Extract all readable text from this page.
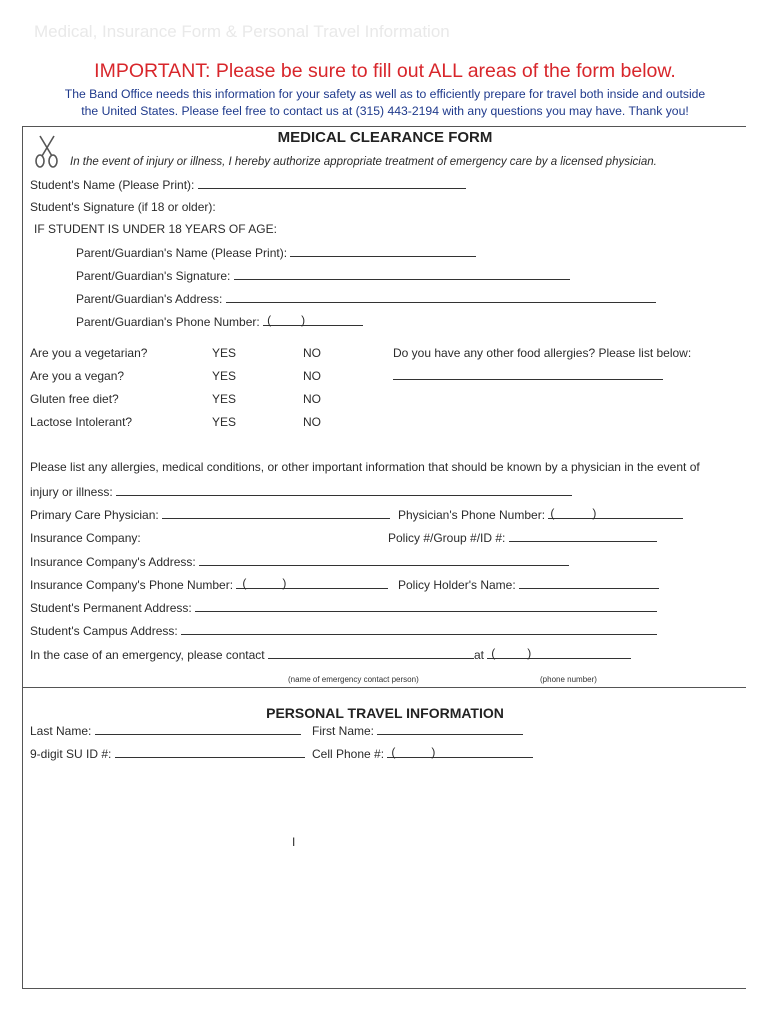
Medical, Insurance Form & Personal Travel Information
IMPORTANT: Please be sure to fill out ALL areas of the form below.
The Band Office needs this information for your safety as well as to efficiently prepare for travel both inside and outside
the United States. Please feel free to contact us at (315) 443-2194 with any questions you may have. Thank you!
MEDICAL CLEARANCE FORM
In the event of injury or illness, I hereby authorize appropriate treatment of emergency care by a licensed physician.
Student's Name (Please Print):
Student's Signature (if 18 or older):
IF STUDENT IS UNDER 18 YEARS OF AGE:
Parent/Guardian's Name (Please Print):
Parent/Guardian's Signature:
Parent/Guardian's Address:
Parent/Guardian's Phone Number: (	)
Are you a vegetarian?	YES	NO
Are you a vegan?	YES	NO
Gluten free diet?	YES	NO
Lactose Intolerant?	YES	NO
Do you have any other food allergies? Please list below:
Please list any allergies, medical conditions, or other important information that should be known by a physician in the event of
injury or illness:
Primary Care Physician:	Physician's Phone Number: (	)
Insurance Company:	Policy #/Group #/ID #:
Insurance Company's Address:
Insurance Company's Phone Number: (	)	Policy Holder's Name:
Student's Permanent Address:
Student's Campus Address:
In the case of an emergency, please contact	at (	)
(name of emergency contact person)	(phone number)
PERSONAL TRAVEL INFORMATION
Last Name:	First Name:
9-digit SU ID #:	Cell Phone #: (	)
I
